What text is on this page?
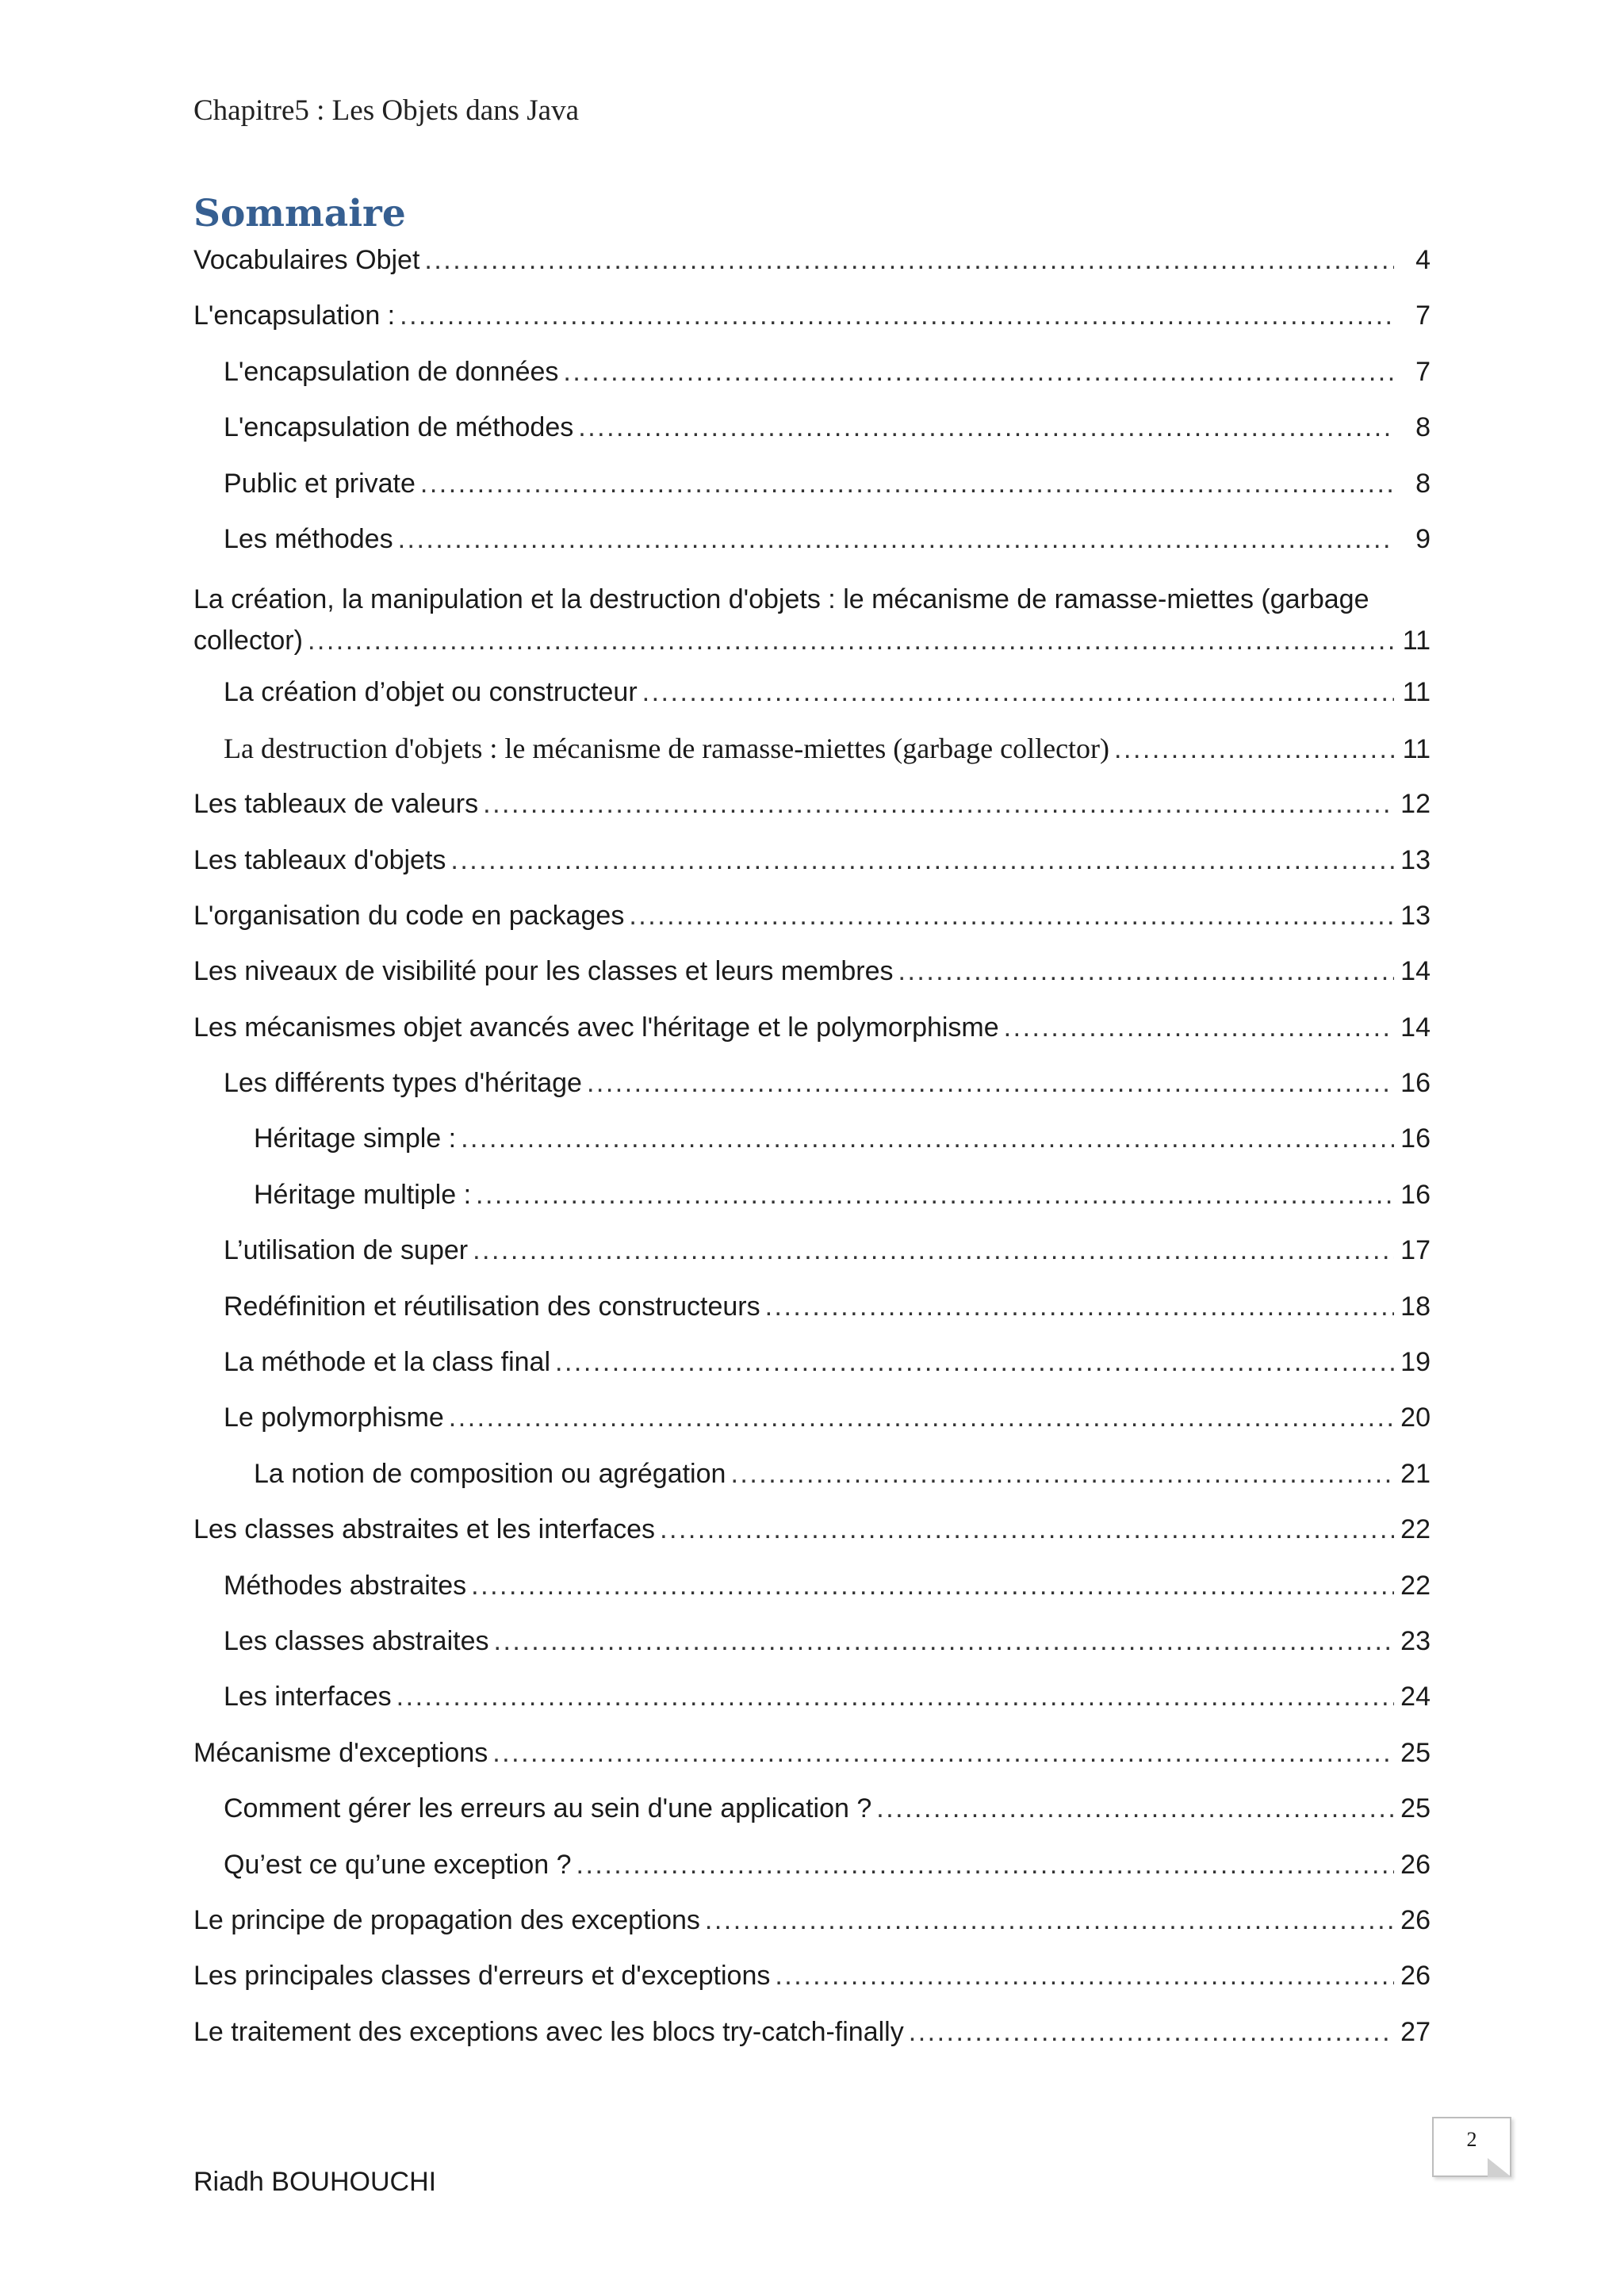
Chapitre5 : Les Objets dans Java
Sommaire
Vocabulaires Objet .....	4
L'encapsulation : .....	7
L'encapsulation de données .....	7
L'encapsulation de méthodes .....	8
Public et private .....	8
Les méthodes .....	9
La création, la manipulation et la destruction d'objets : le mécanisme de ramasse-miettes (garbage
collector) .....	11
La création d’objet ou constructeur .....	11
La destruction d'objets : le mécanisme de ramasse-miettes (garbage collector) .....	11
Les tableaux de valeurs .....	12
Les tableaux d'objets .....	13
L'organisation du code en packages .....	13
Les niveaux de visibilité pour les classes et leurs membres .....	14
Les mécanismes objet avancés avec l'héritage et le polymorphisme .....	14
Les différents types d'héritage .....	16
Héritage simple : .....	16
Héritage multiple : .....	16
L’utilisation de super .....	17
Redéfinition et réutilisation des constructeurs .....	18
La méthode et la class final .....	19
Le polymorphisme .....	20
La notion de composition ou agrégation .....	21
Les classes abstraites et les interfaces .....	22
Méthodes abstraites .....	22
Les classes abstraites .....	23
Les interfaces .....	24
Mécanisme d'exceptions .....	25
Comment gérer les erreurs au sein d'une application ? .....	25
Qu’est ce qu’une exception ? .....	26
Le principe de propagation des exceptions .....	26
Les principales classes d'erreurs et d'exceptions .....	26
Le traitement des exceptions avec les blocs try-catch-finally .....	27
2
Riadh BOUHOUCHI
